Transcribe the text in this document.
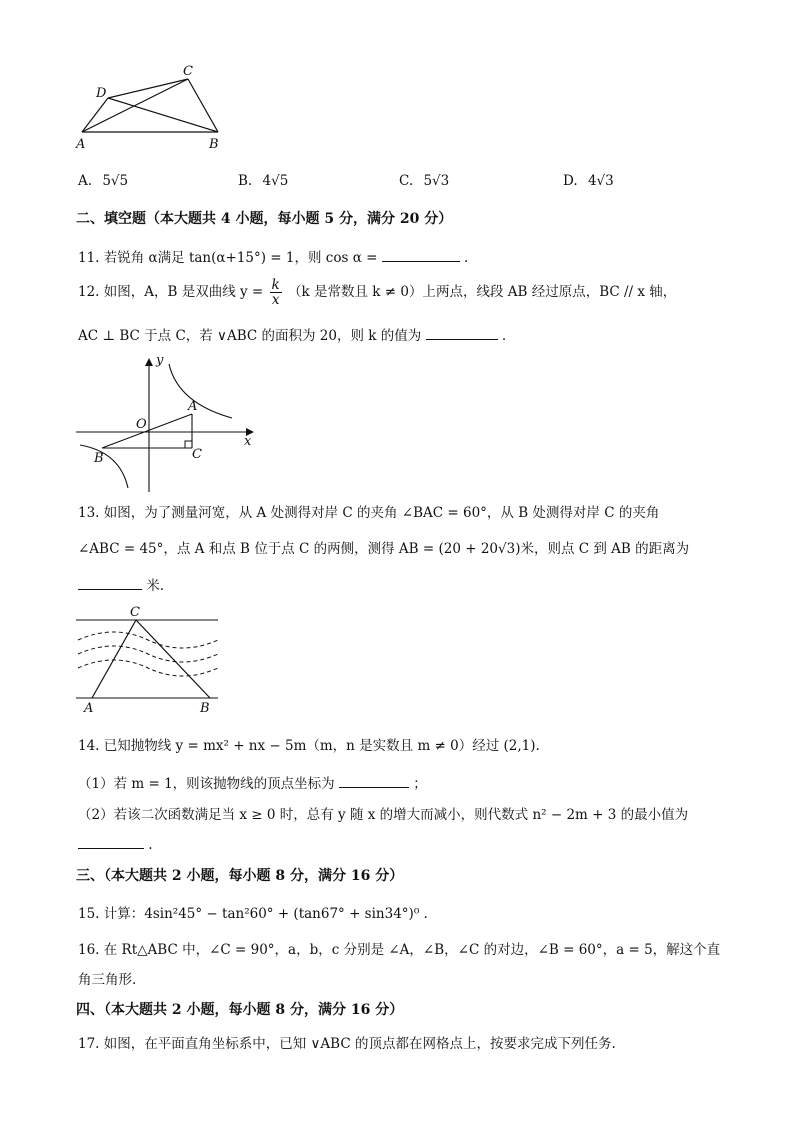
A	B
C
D
A. 5√5	B. 4√5	C. 5√3	D. 4√3
二、填空题（本大题共 4 小题，每小题 5 分，满分 20 分）
11. 若锐角 α满足 tan(α+15°) = 1，则 cos α =	.
12. 如图，A，B 是双曲线 $y = \frac{k}{x} (k$ 是常数且 k ≠ 0）上两点，线段 AB 经过原点，BC // x 轴，
AC ⊥ BC 于点 C，若 ∨ABC 的面积为 20，则 k 的值为	.
y
x
O
A
B	C
13. 如图，为了测量河宽，从 A 处测得对岸 C 的夹角 ∠BAC = 60°，从 B 处测得对岸 C 的夹角
∠ABC = 45°，点 A 和点 B 位于点 C 的两侧，测得 AB = (20 + 20√3)米，则点 C 到 AB 的距离为
米.
C
A	B
14. 已知抛物线 y = mx² + nx − 5m（m，n 是实数且 m ≠ 0）经过 (2,1).
（1）若 m = 1，则该抛物线的顶点坐标为	；
（2）若该二次函数满足当 x ≥ 0 时，总有 y 随 x 的增大而减小，则代数式 n² − 2m + 3 的最小值为
.
三、（本大题共 2 小题，每小题 8 分，满分 16 分）
15. 计算：4sin²45° − tan²60° + (tan67° + sin34°)⁰ .
16. 在 Rt△ABC 中，∠C = 90°，a，b，c 分别是 ∠A，∠B，∠C 的对边，∠B = 60°，a = 5，解这个直
角三角形.
四、（本大题共 2 小题，每小题 8 分，满分 16 分）
17. 如图，在平面直角坐标系中，已知 ∨ABC 的顶点都在网格点上，按要求完成下列任务.
